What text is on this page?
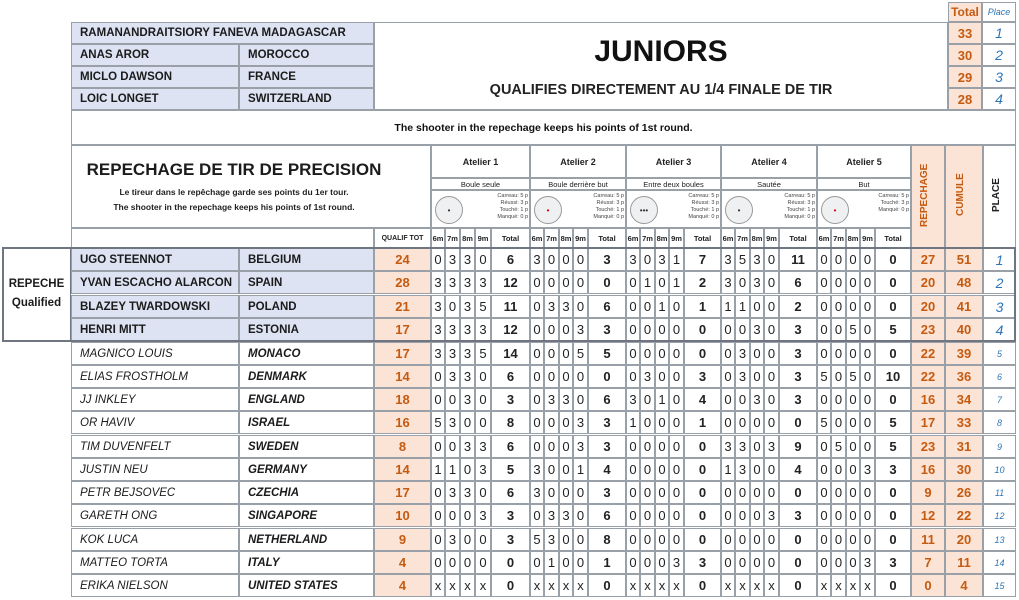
RAMANANDRAITSIORY FANEVA MADAGASCAR	33	1
ANAS AROR	MOROCCO	30	2
MICLO DAWSON	FRANCE	29	3
LOIC LONGET	SWITZERLAND	28	4
JUNIORS
QUALIFIES DIRECTEMENT AU 1/4 FINALE DE TIR
Total Place
The shooter in the repechage keeps his points of 1st round.
REPECHAGE DE TIR DE PRECISION
Le tireur dans le repêchage garde ses points du 1er tour.
The shooter in the repechage keeps his points of 1st round.
QUALIF TOT
Atelier 1
Boule seule
•
Carreau: 5 p
Réussi: 3 p
Touché: 1 p
Manqué: 0 p
6m 7m 8m 9m	Total
Atelier 2
Boule derrière but
•
Carreau: 5 p
Réussi: 3 p
Touché: 1 p
Manqué: 0 p
6m 7m 8m 9m	Total
Atelier 3
Entre deux boules
•••
Carreau: 5 p
Réussi: 3 p
Touché: 1 p
Manqué: 0 p
6m 7m 8m 9m	Total
Atelier 4
Sautée
•
Carreau: 5 p
Réussi: 3 p
Touché: 1 p
Manqué: 0 p
6m 7m 8m 9m	Total
Atelier 5
But
•
Carreau: 5 p
Touché: 3 p
Manqué: 0 p
6m 7m 8m 9m	Total
REPECHAGE	CUMULE	PLACE
UGO STEENNOT	BELGIUM	24	0 3 3 0	6	3 0 0 0	3	3 0 3 1	7	3 5 3 0	11	0 0 0 0	0	27	51	1
YVAN ESCACHO ALARCON	SPAIN	28	3 3 3 3	12	0 0 0 0	0	0 1 0 1	2	3 0 3 0	6	0 0 0 0	0	20	48	2
BLAZEY TWARDOWSKI	POLAND	21	3 0 3 5	11	0 3 3 0	6	0 0 1 0	1	1 1 0 0	2	0 0 0 0	0	20	41	3
HENRI MITT	ESTONIA	17	3 3 3 3	12	0 0 0 3	3	0 0 0 0	0	0 0 3 0	3	0 0 5 0	5	23	40	4
MAGNICO LOUIS	MONACO	17	3 3 3 5	14	0 0 0 5	5	0 0 0 0	0	0 3 0 0	3	0 0 0 0	0	22	39	5
ELIAS FROSTHOLM	DENMARK	14	0 3 3 0	6	0 0 0 0	0	0 3 0 0	3	0 3 0 0	3	5 0 5 0	10	22	36	6
JJ INKLEY	ENGLAND	18	0 0 3 0	3	0 3 3 0	6	3 0 1 0	4	0 0 3 0	3	0 0 0 0	0	16	34	7
OR HAVIV	ISRAEL	16	5 3 0 0	8	0 0 0 3	3	1 0 0 0	1	0 0 0 0	0	5 0 0 0	5	17	33	8
TIM DUVENFELT	SWEDEN	8	0 0 3 3	6	0 0 0 3	3	0 0 0 0	0	3 3 0 3	9	0 5 0 0	5	23	31	9
JUSTIN NEU	GERMANY	14	1 1 0 3	5	3 0 0 1	4	0 0 0 0	0	1 3 0 0	4	0 0 0 3	3	16	30	10
PETR BEJSOVEC	CZECHIA	17	0 3 3 0	6	3 0 0 0	3	0 0 0 0	0	0 0 0 0	0	0 0 0 0	0	9	26	11
GARETH ONG	SINGAPORE	10	0 0 0 3	3	0 3 3 0	6	0 0 0 0	0	0 0 0 3	3	0 0 0 0	0	12	22	12
KOK LUCA	NETHERLAND	9	0 3 0 0	3	5 3 0 0	8	0 0 0 0	0	0 0 0 0	0	0 0 0 0	0	11	20	13
MATTEO TORTA	ITALY	4	0 0 0 0	0	0 1 0 0	1	0 0 0 3	3	0 0 0 0	0	0 0 0 3	3	7	11	14
ERIKA NIELSON	UNITED STATES	4	x x x x	0	x x x x	0	x x x x	0	x x x x	0	x x x x	0	0	4	15
REPECHE
Qualified
